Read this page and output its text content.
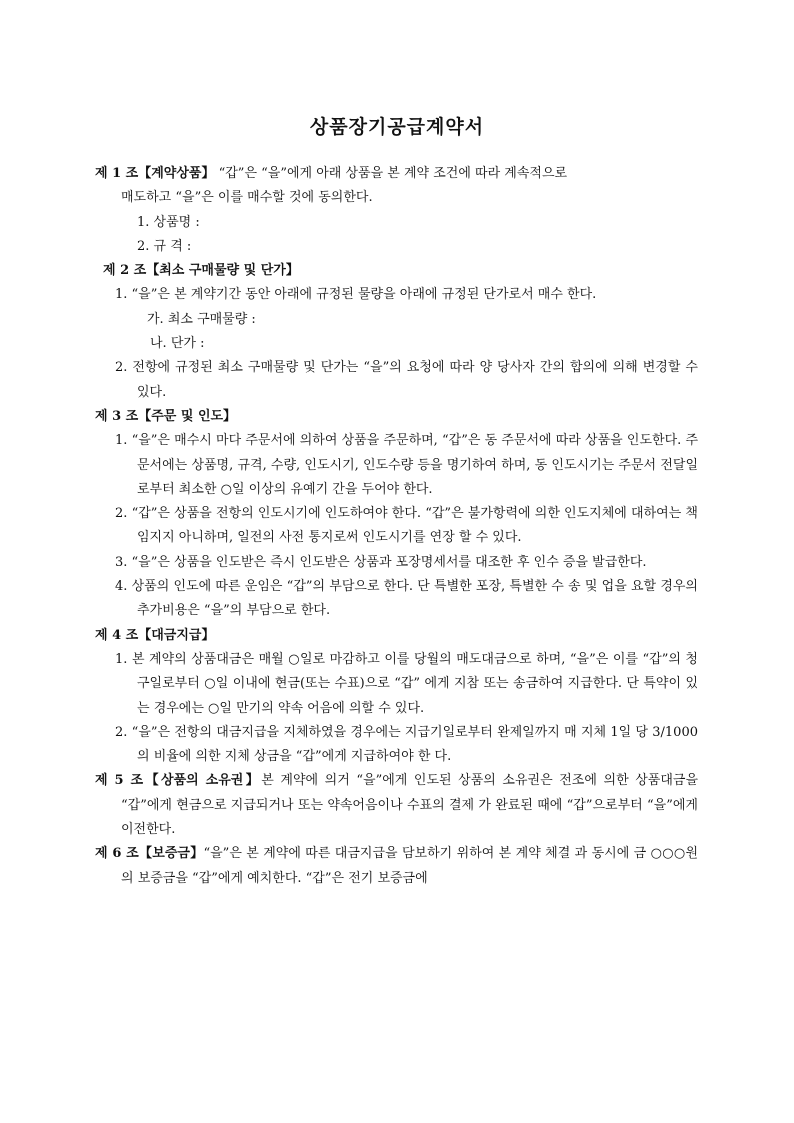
상품장기공급계약서
제 1 조【계약상품】 “갑”은 “을”에게 아래 상품을 본 계약 조건에 따라 계속적으로
매도하고 “을”은 이를 매수할 것에 동의한다.
1. 상품명 :
2. 규 격 :
제 2 조【최소 구매물량 및 단가】
1. “을”은 본 계약기간 동안 아래에 규정된 물량을 아래에 규정된 단가로서 매수 한다.
가. 최소 구매물량 :
나. 단가 :
2. 전항에 규정된 최소 구매물량 및 단가는 “을”의 요청에 따라 양 당사자 간의 합의에 의해 변경할 수 있다.
제 3 조【주문 및 인도】
1. “을”은 매수시 마다 주문서에 의하여 상품을 주문하며, “갑”은 동 주문서에 따라 상품을 인도한다. 주문서에는 상품명, 규격, 수량, 인도시기, 인도수량 등을 명기하여 하며, 동 인도시기는 주문서 전달일로부터 최소한 ○일 이상의 유예기 간을 두어야 한다.
2. “갑”은 상품을 전항의 인도시기에 인도하여야 한다. “갑”은 불가항력에 의한 인도지체에 대하여는 책임지지 아니하며, 일전의 사전 통지로써 인도시기를 연장 할 수 있다.
3. “을”은 상품을 인도받은 즉시 인도받은 상품과 포장명세서를 대조한 후 인수 증을 발급한다.
4. 상품의 인도에 따른 운임은 “갑”의 부담으로 한다. 단 특별한 포장, 특별한 수 송 및 업을 요할 경우의 추가비용은 “을”의 부담으로 한다.
제 4 조【대금지급】
1. 본 계약의 상품대금은 매월 ○일로 마감하고 이를 당월의 매도대금으로 하며, “을”은 이를 “갑”의 청구일로부터 ○일 이내에 현금(또는 수표)으로 “갑” 에게 지참 또는 송금하여 지급한다. 단 특약이 있는 경우에는 ○일 만기의 약속 어음에 의할 수 있다.
2. “을”은 전항의 대금지급을 지체하였을 경우에는 지급기일로부터 완제일까지 매 지체 1일 당 3/1000의 비율에 의한 지체 상금을 “갑”에게 지급하여야 한 다.
제 5 조【상품의 소유권】본 계약에 의거 “을”에게 인도된 상품의 소유권은 전조에 의한 상품대금을 “갑”에게 현금으로 지급되거나 또는 약속어음이나 수표의 결제 가 완료된 때에 “갑”으로부터 “을”에게 이전한다.
제 6 조【보증금】“을”은 본 계약에 따른 대금지급을 담보하기 위하여 본 계약 체결 과 동시에 금 ○○○원의 보증금을 “갑”에게 예치한다. “갑”은 전기 보증금에
